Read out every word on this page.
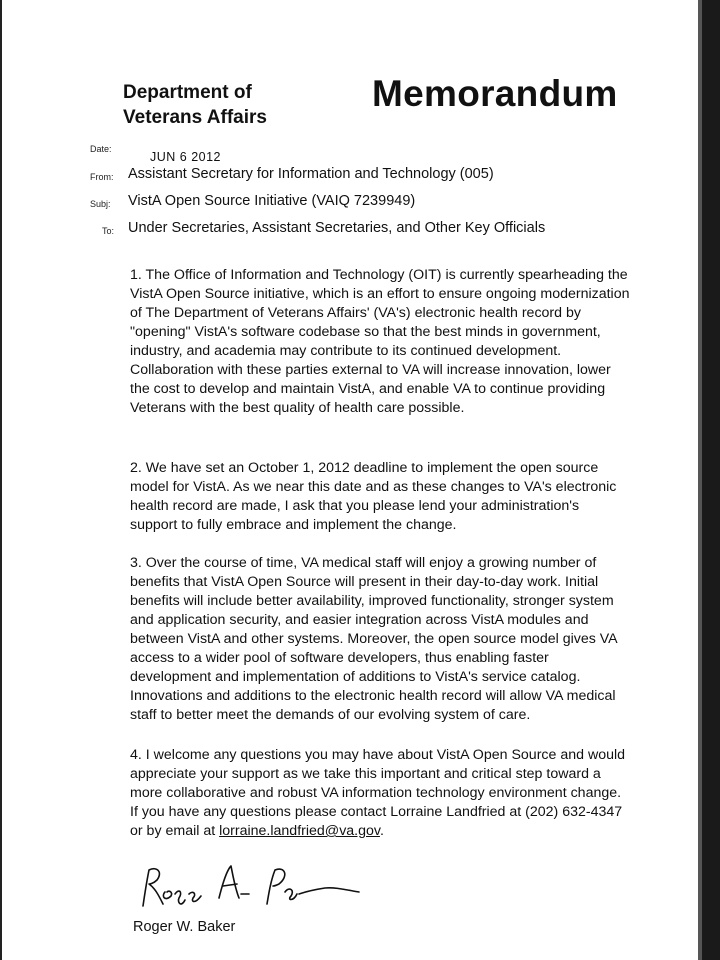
Department of
Veterans Affairs
Memorandum
Date:
JUN 6 2012
From: Assistant Secretary for Information and Technology (005)
Subj: VistA Open Source Initiative (VAIQ 7239949)
To: Under Secretaries, Assistant Secretaries, and Other Key Officials

1. The Office of Information and Technology (OIT) is currently spearheading the VistA Open Source initiative, which is an effort to ensure ongoing modernization of The Department of Veterans Affairs' (VA's) electronic health record by "opening" VistA's software codebase so that the best minds in government, industry, and academia may contribute to its continued development. Collaboration with these parties external to VA will increase innovation, lower the cost to develop and maintain VistA, and enable VA to continue providing Veterans with the best quality of health care possible.

2. We have set an October 1, 2012 deadline to implement the open source model for VistA. As we near this date and as these changes to VA's electronic health record are made, I ask that you please lend your administration's support to fully embrace and implement the change.

3. Over the course of time, VA medical staff will enjoy a growing number of benefits that VistA Open Source will present in their day-to-day work. Initial benefits will include better availability, improved functionality, stronger system and application security, and easier integration across VistA modules and between VistA and other systems. Moreover, the open source model gives VA access to a wider pool of software developers, thus enabling faster development and implementation of additions to VistA's service catalog. Innovations and additions to the electronic health record will allow VA medical staff to better meet the demands of our evolving system of care.

4. I welcome any questions you may have about VistA Open Source and would appreciate your support as we take this important and critical step toward a more collaborative and robust VA information technology environment change. If you have any questions please contact Lorraine Landfried at (202) 632-4347 or by email at lorraine.landfried@va.gov.

Roger W. Baker
